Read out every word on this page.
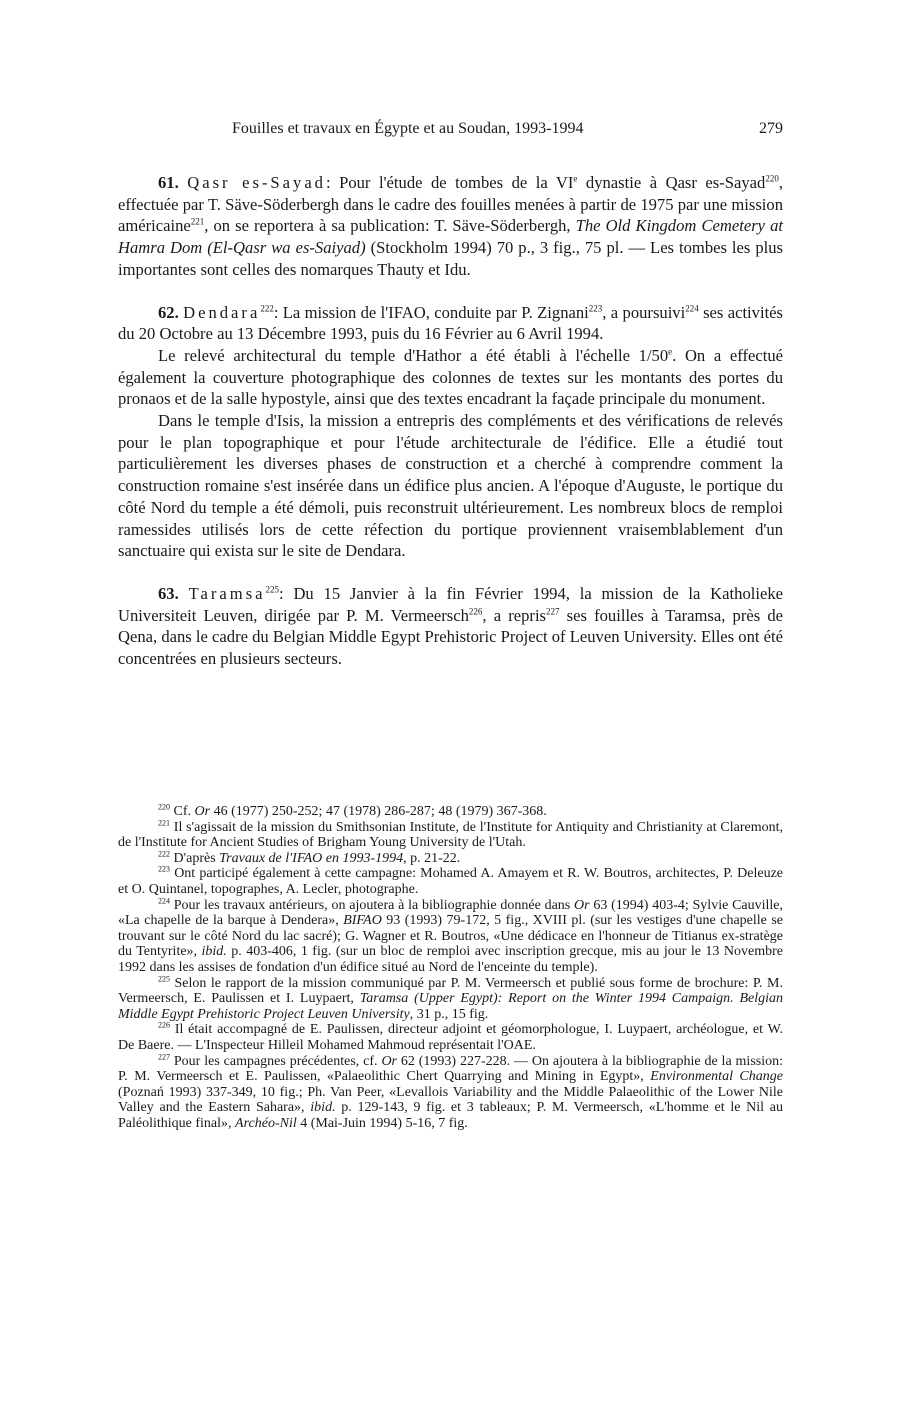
Fouilles et travaux en Égypte et au Soudan, 1993-1994	279

61. Qasr es-Sayad: Pour l'étude de tombes de la VIe dynastie à Qasr es-Sayad$^{220}$, effectuée par T. Säve-Söderbergh dans le cadre des fouilles menées à partir de 1975 par une mission américaine$^{221}$, on se reportera à sa publication: T. Säve-Söderbergh, The Old Kingdom Cemetery at Hamra Dom (El-Qasr wa es-Saiyad) (Stockholm 1994) 70 p., 3 fig., 75 pl. — Les tombes les plus importantes sont celles des nomarques Thauty et Idu.

62. Dendara$^{222}$: La mission de l'IFAO, conduite par P. Zignani$^{223}$, a poursuivi$^{224}$ ses activités du 20 Octobre au 13 Décembre 1993, puis du 16 Février au 6 Avril 1994.

Le relevé architectural du temple d'Hathor a été établi à l'échelle 1/50e. On a effectué également la couverture photographique des colonnes de textes sur les montants des portes du pronaos et de la salle hypostyle, ainsi que des textes encadrant la façade principale du monument.

Dans le temple d'Isis, la mission a entrepris des compléments et des vérifications de relevés pour le plan topographique et pour l'étude architecturale de l'édifice. Elle a étudié tout particulièrement les diverses phases de construction et a cherché à comprendre comment la construction romaine s'est insérée dans un édifice plus ancien. A l'époque d'Auguste, le portique du côté Nord du temple a été démoli, puis reconstruit ultérieurement. Les nombreux blocs de remploi ramessides utilisés lors de cette réfection du portique proviennent vraisemblablement d'un sanctuaire qui exista sur le site de Dendara.

63. Taramsa$^{225}$: Du 15 Janvier à la fin Février 1994, la mission de la Katholieke Universiteit Leuven, dirigée par P. M. Vermeersch$^{226}$, a repris$^{227}$ ses fouilles à Taramsa, près de Qena, dans le cadre du Belgian Middle Egypt Prehistoric Project of Leuven University. Elles ont été concentrées en plusieurs secteurs.

$^{220}$ Cf. Or 46 (1977) 250-252; 47 (1978) 286-287; 48 (1979) 367-368.

$^{221}$ Il s'agissait de la mission du Smithsonian Institute, de l'Institute for Antiquity and Christianity at Claremont, de l'Institute for Ancient Studies of Brigham Young University de l'Utah.

$^{222}$ D'après Travaux de l'IFAO en 1993-1994, p. 21-22.

$^{223}$ Ont participé également à cette campagne: Mohamed A. Amayem et R. W. Boutros, architectes, P. Deleuze et O. Quintanel, topographes, A. Lecler, photographe.

$^{224}$ Pour les travaux antérieurs, on ajoutera à la bibliographie donnée dans Or 63 (1994) 403-4; Sylvie Cauville, «La chapelle de la barque à Dendera», BIFAO 93 (1993) 79-172, 5 fig., XVIII pl. (sur les vestiges d'une chapelle se trouvant sur le côté Nord du lac sacré); G. Wagner et R. Boutros, «Une dédicace en l'honneur de Titianus ex-stratège du Tentyrite», ibid. p. 403-406, 1 fig. (sur un bloc de remploi avec inscription grecque, mis au jour le 13 Novembre 1992 dans les assises de fondation d'un édifice situé au Nord de l'enceinte du temple).

$^{225}$ Selon le rapport de la mission communiqué par P. M. Vermeersch et publié sous forme de brochure: P. M. Vermeersch, E. Paulissen et I. Luypaert, Taramsa (Upper Egypt): Report on the Winter 1994 Campaign. Belgian Middle Egypt Prehistoric Project Leuven University, 31 p., 15 fig.

$^{226}$ Il était accompagné de E. Paulissen, directeur adjoint et géomorphologue, I. Luypaert, archéologue, et W. De Baere. — L'Inspecteur Hilleil Mohamed Mahmoud représentait l'OAE.

$^{227}$ Pour les campagnes précédentes, cf. Or 62 (1993) 227-228. — On ajoutera à la bibliographie de la mission: P. M. Vermeersch et E. Paulissen, «Palaeolithic Chert Quarrying and Mining in Egypt», Environmental Change (Poznań 1993) 337-349, 10 fig.; Ph. Van Peer, «Levallois Variability and the Middle Palaeolithic of the Lower Nile Valley and the Eastern Sahara», ibid. p. 129-143, 9 fig. et 3 tableaux; P. M. Vermeersch, «L'homme et le Nil au Paléolithique final», Archéo-Nil 4 (Mai-Juin 1994) 5-16, 7 fig.
